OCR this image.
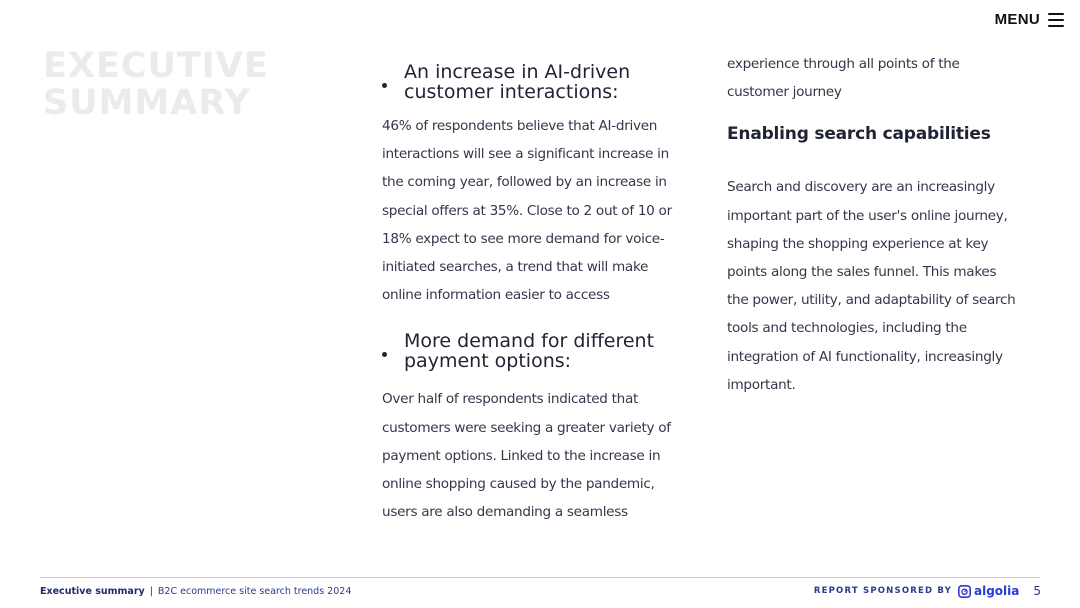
MENU
EXECUTIVE
SUMMARY
An increase in AI-driven customer interactions:

46% of respondents believe that AI-driven interactions will see a significant increase in the coming year, followed by an increase in special offers at 35%. Close to 2 out of 10 or 18% expect to see more demand for voice-initiated searches, a trend that will make online information easier to access

More demand for different payment options:

Over half of respondents indicated that customers were seeking a greater variety of payment options. Linked to the increase in online shopping caused by the pandemic, users are also demanding a seamless

experience through all points of the customer journey

Enabling search capabilities

Search and discovery are an increasingly important part of the user's online journey, shaping the shopping experience at key points along the sales funnel. This makes the power, utility, and adaptability of search tools and technologies, including the integration of AI functionality, increasingly important.

Executive summary | B2C ecommerce site search trends 2024	REPORT SPONSORED BY algolia 5
